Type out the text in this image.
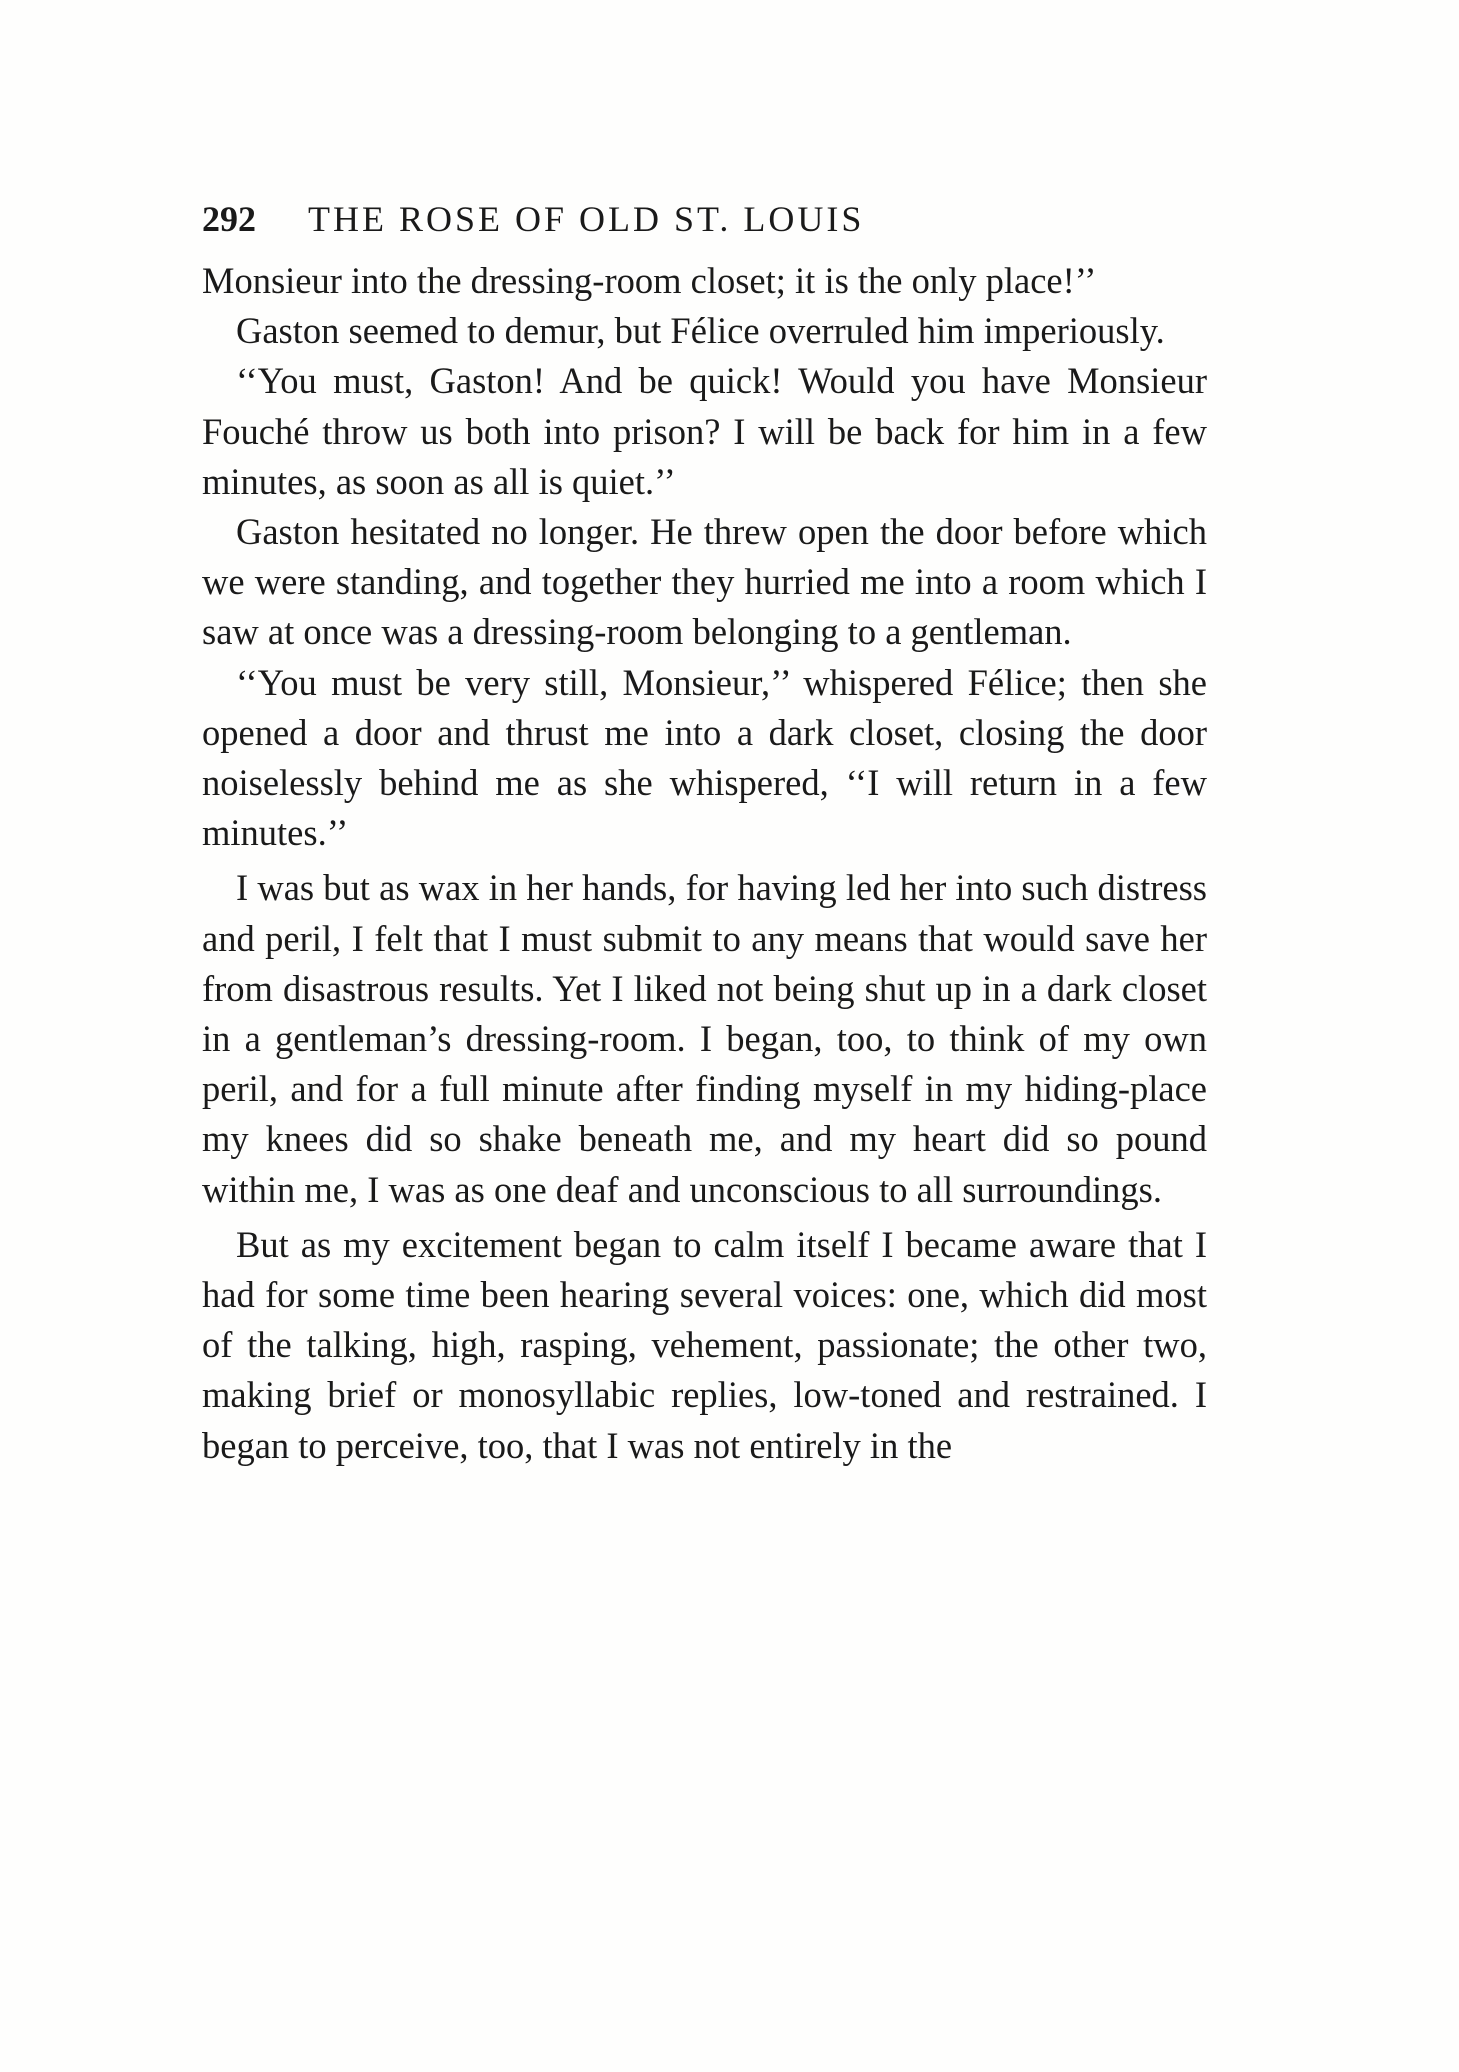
292	THE ROSE OF OLD ST. LOUIS

Monsieur into the dressing-room closet; it is the only place!’’

Gaston seemed to demur, but Félice overruled him imperiously.

‘‘You must, Gaston! And be quick! Would you have Monsieur Fouché throw us both into prison? I will be back for him in a few minutes, as soon as all is quiet.’’

Gaston hesitated no longer. He threw open the door before which we were standing, and together they hurried me into a room which I saw at once was a dressing-room belonging to a gentleman.

‘‘You must be very still, Monsieur,’’ whispered Félice; then she opened a door and thrust me into a dark closet, closing the door noiselessly behind me as she whispered, ‘‘I will return in a few minutes.’’

I was but as wax in her hands, for having led her into such distress and peril, I felt that I must submit to any means that would save her from disastrous results. Yet I liked not being shut up in a dark closet in a gentleman’s dressing-room. I began, too, to think of my own peril, and for a full minute after finding myself in my hiding-place my knees did so shake beneath me, and my heart did so pound within me, I was as one deaf and unconscious to all surroundings.

But as my excitement began to calm itself I became aware that I had for some time been hearing several voices: one, which did most of the talking, high, rasping, vehement, passionate; the other two, making brief or monosyllabic replies, low-toned and restrained. I began to perceive, too, that I was not entirely in the
